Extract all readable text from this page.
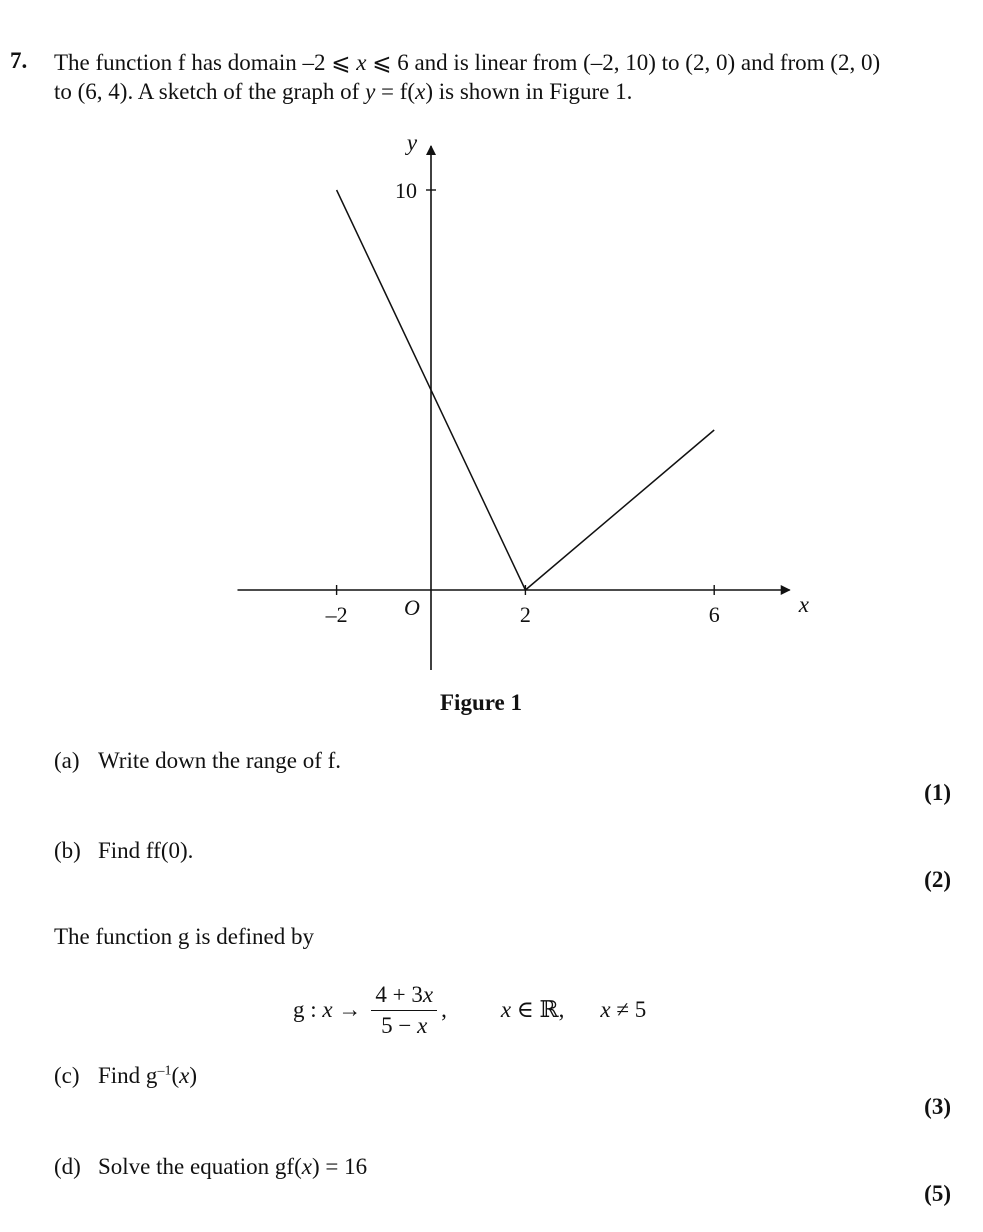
7. The function f has domain –2 ⩽ x ⩽ 6 and is linear from (–2, 10) to (2, 0) and from (2, 0)
to (6, 4). A sketch of the graph of y = f(x) is shown in Figure 1.
y
x
O
10
–2	2	6
Figure 1
(a) Write down the range of f.
(1)
(b) Find ff(0).
(2)
The function g is defined by
g : $x \to \frac{4 + 3x}{5 - x}$ , x ∈ ℝ, x ≠ 5
(c) Find $g^{-1}(x)$
(3)
(d) Solve the equation gf(x) = 16
(5)
